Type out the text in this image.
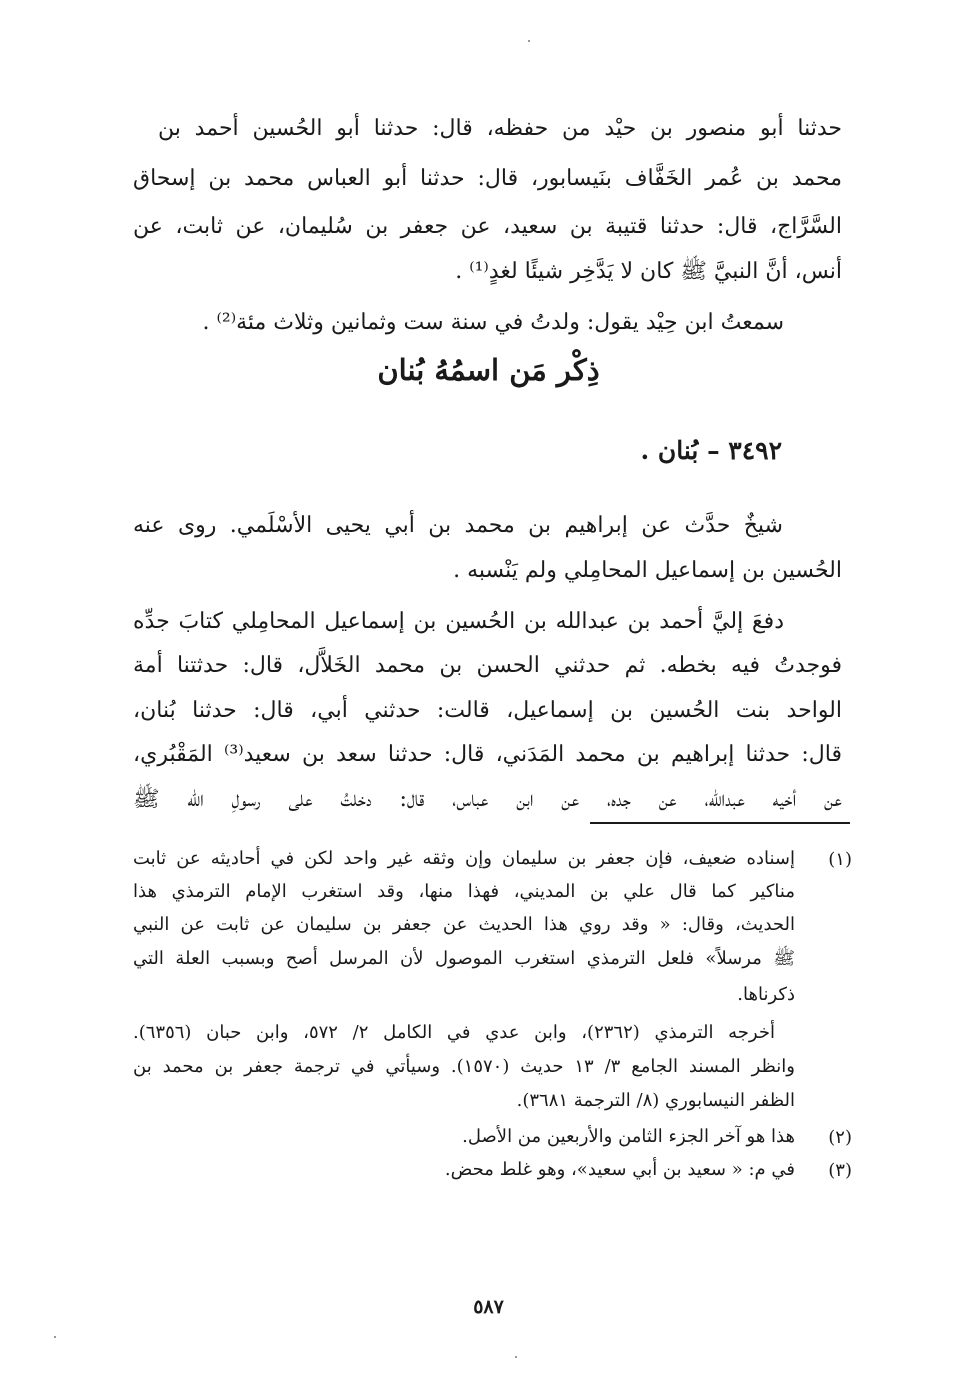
حدثنا أبو منصور بن حيْد من حفظه، قال: حدثنا أبو الحُسين أحمد بن
محمد بن عُمر الخَفَّاف بنَيسابور، قال: حدثنا أبو العباس محمد بن إسحاق
السَّرَّاج، قال: حدثنا قتيبة بن سعيد، عن جعفر بن سُليمان، عن ثابت، عن
أنس، أنَّ النبيَّ ﷺ كان لا يَدَّخِر شيئًا لغدٍ⁽¹⁾ .
سمعتُ ابن حِيْد يقول: ولدتُ في سنة ست وثمانين وثلاث مئة⁽²⁾ .
ذِكْر مَن اسمُهُ بُنان
٣٤٩٢ – بُنان .
شيخٌ حدَّث عن إبراهيم بن محمد بن أبي يحيى الأسْلَمي. روى عنه
الحُسين بن إسماعيل المحامِلي ولم يَنْسبه .
دفعَ إليَّ أحمد بن عبدالله بن الحُسين بن إسماعيل المحامِلي كتابَ جدِّه
فوجدتُ فيه بخطه. ثم حدثني الحسن بن محمد الخَلاَّل، قال: حدثتنا أمة
الواحد بنت الحُسين بن إسماعيل، قالت: حدثني أبي، قال: حدثنا بُنان،
قال: حدثنا إبراهيم بن محمد المَدَني، قال: حدثنا سعد بن سعيد⁽³⁾ المَقْبُري،
عن أخيه عبدالله، عن جده، عن ابن عباس، قال: دخلتُ على رسولِ الله ﷺ
(١)
إسناده ضعيف، فإن جعفر بن سليمان وإن وثقه غير واحد لكن في أحاديثه عن ثابت
مناكير كما قال علي بن المديني، فهذا منها، وقد استغرب الإمام الترمذي هذا
الحديث، وقال: « وقد روي هذا الحديث عن جعفر بن سليمان عن ثابت عن النبي
ﷺ مرسلاً» فلعل الترمذي استغرب الموصول لأن المرسل أصح وبسبب العلة التي
ذكرناها.
أخرجه الترمذي (٢٣٦٢)، وابن عدي في الكامل ٢/ ٥٧٢، وابن حبان (٦٣٥٦).
وانظر المسند الجامع ٣/ ١٣ حديث (١٥٧٠). وسيأتي في ترجمة جعفر بن محمد بن
الظفر النيسابوري (٨/ الترجمة ٣٦٨١).
(٢)
هذا هو آخر الجزء الثامن والأربعين من الأصل.
(٣)
في م: « سعيد بن أبي سعيد»، وهو غلط محض.
٥٨٧
